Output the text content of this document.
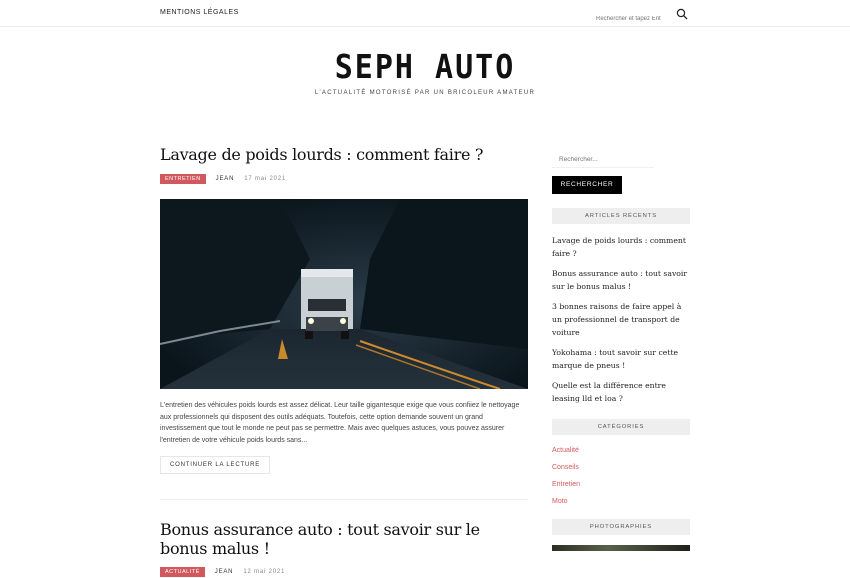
MENTIONS LÉGALES
Rechercher et tapez Ent
SEPH AUTO
L'ACTUALITÉ MOTORISÉ PAR UN BRICOLEUR AMATEUR
Lavage de poids lourds : comment faire ?
ENTRETIEN	JEAN 17 mai 2021

L'entretien des véhicules poids lourds est assez délicat. Leur taille gigantesque exige que vous confiiez le nettoyage aux professionnels qui disposent des outils adéquats. Toutefois, cette option demande souvent un grand investissement que tout le monde ne peut pas se permettre. Mais avec quelques astuces, vous pouvez assurer l'entretien de votre véhicule poids lourds sans...

CONTINUER LA LECTURE
Bonus assurance auto : tout savoir sur le bonus malus !
ACTUALITÉ	JEAN 12 mai 2021
Rechercher...
RECHERCHER
ARTICLES RÉCENTS
Lavage de poids lourds : comment faire ?
Bonus assurance auto : tout savoir sur le bonus malus !
3 bonnes raisons de faire appel à un professionnel de transport de voiture
Yokohama : tout savoir sur cette marque de pneus !
Quelle est la différence entre leasing lld et loa ?
CATÉGORIES
Actualité
Conseils
Entretien
Moto
PHOTOGRAPHIES
